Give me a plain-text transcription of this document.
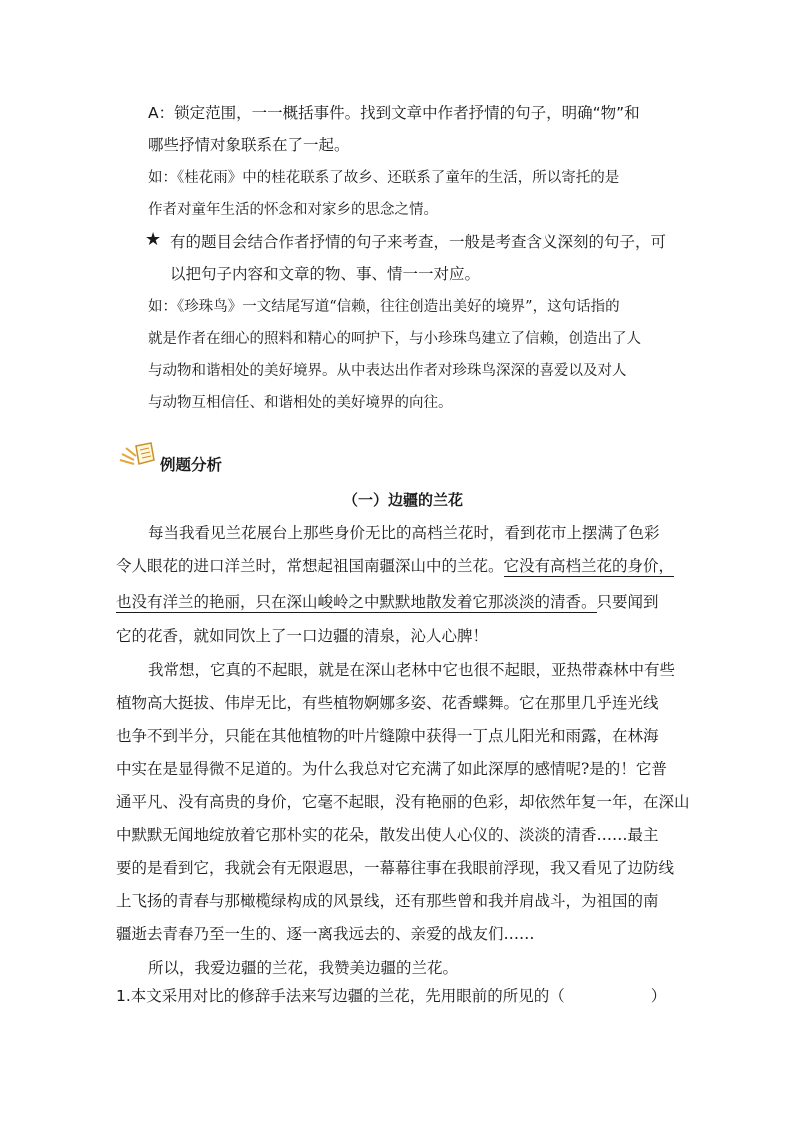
A：锁定范围，一一概括事件。找到文章中作者抒情的句子，明确“物”和
哪些抒情对象联系在了一起。
如：《桂花雨》中的桂花联系了故乡、还联系了童年的生活，所以寄托的是
作者对童年生活的怀念和对家乡的思念之情。
★ 有的题目会结合作者抒情的句子来考查，一般是考查含义深刻的句子，可
以把句子内容和文章的物、事、情一一对应。
如：《珍珠鸟》一文结尾写道“信赖，往往创造出美好的境界”，这句话指的
就是作者在细心的照料和精心的呵护下，与小珍珠鸟建立了信赖，创造出了人
与动物和谐相处的美好境界。从中表达出作者对珍珠鸟深深的喜爱以及对人
与动物互相信任、和谐相处的美好境界的向往。
例题分析
（一）边疆的兰花
每当我看见兰花展台上那些身价无比的高档兰花时，看到花市上摆满了色彩
令人眼花的进口洋兰时，常想起祖国南疆深山中的兰花。它没有高档兰花的身价，
也没有洋兰的艳丽，只在深山峻岭之中默默地散发着它那淡淡的清香。只要闻到
它的花香，就如同饮上了一口边疆的清泉，沁人心脾！
我常想，它真的不起眼，就是在深山老林中它也很不起眼，亚热带森林中有些
植物高大挺拔、伟岸无比，有些植物婀娜多姿、花香蝶舞。它在那里几乎连光线
也争不到半分，只能在其他植物的叶片缝隙中获得一丁点儿阳光和雨露，在林海
中实在是显得微不足道的。为什么我总对它充满了如此深厚的感情呢?是的！它普
通平凡、没有高贵的身价，它毫不起眼，没有艳丽的色彩，却依然年复一年，在深山
中默默无闻地绽放着它那朴实的花朵，散发出使人心仪的、淡淡的清香……最主
要的是看到它，我就会有无限遐思，一幕幕往事在我眼前浮现，我又看见了边防线
上飞扬的青春与那橄榄绿构成的风景线，还有那些曾和我并肩战斗，为祖国的南
疆逝去青春乃至一生的、逐一离我远去的、亲爱的战友们……
所以，我爱边疆的兰花，我赞美边疆的兰花。
1.本文采用对比的修辞手法来写边疆的兰花，先用眼前的所见的（	）
